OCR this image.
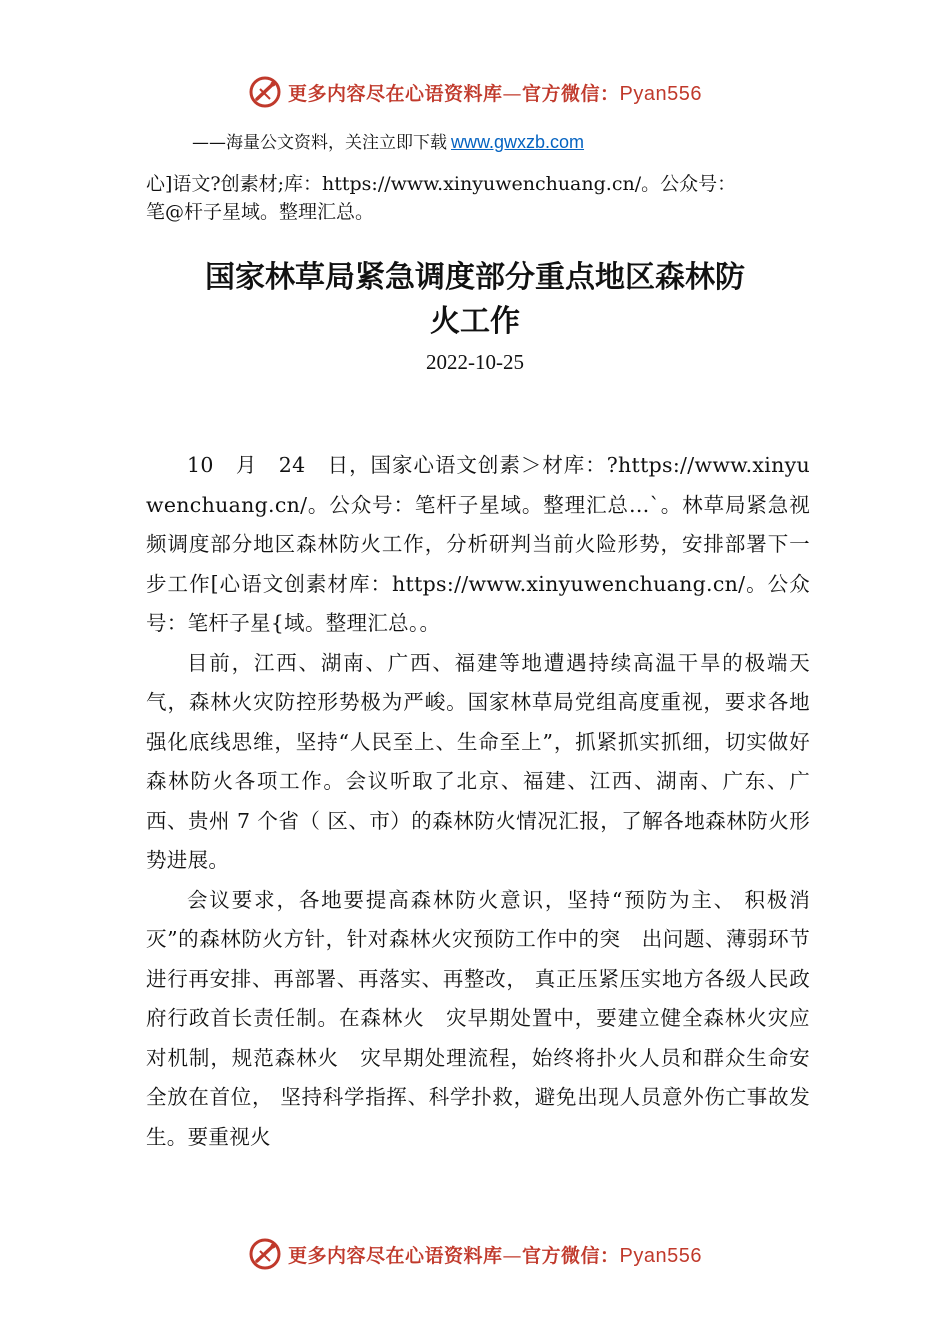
更多内容尽在心语资料库—官方微信：Pyan556
——海量公文资料，关注立即下载 www.gwxzb.com
心]语文?创素材;库：https://www.xinyuwenchuang.cn/。公众号：
笔@杆子星域。整理汇总。
国家林草局紧急调度部分重点地区森林防
火工作
2022-10-25

10　月　24　日，国家心语文创素＞材库：?https://www.xinyuwenchuang.cn/。公众号：笔杆子星域。整理汇总…`。林草局紧急视频调度部分地区森林防火工作，分析研判当前火险形势，安排部署下一步工作[心语文创素材库：https://www.xinyuwenchuang.cn/。公众号：笔杆子星{域。整理汇总。。

目前，江西、湖南、广西、福建等地遭遇持续高温干旱的极端天气，森林火灾防控形势极为严峻。国家林草局党组高度重视，要求各地强化底线思维，坚持“人民至上、生命至上”，抓紧抓实抓细，切实做好森林防火各项工作。会议听取了北京、福建、江西、湖南、广东、广西、贵州 7 个省（ 区、市）的森林防火情况汇报，了解各地森林防火形势进展。

会议要求，各地要提高森林防火意识，坚持“预防为主、 积极消灭”的森林防火方针，针对森林火灾预防工作中的突　出问题、薄弱环节进行再安排、再部署、再落实、再整改， 真正压紧压实地方各级人民政府行政首长责任制。在森林火　灾早期处置中，要建立健全森林火灾应对机制，规范森林火　灾早期处理流程，始终将扑火人员和群众生命安全放在首位， 坚持科学指挥、科学扑救，避免出现人员意外伤亡事故发生。要重视火

更多内容尽在心语资料库—官方微信：Pyan556
